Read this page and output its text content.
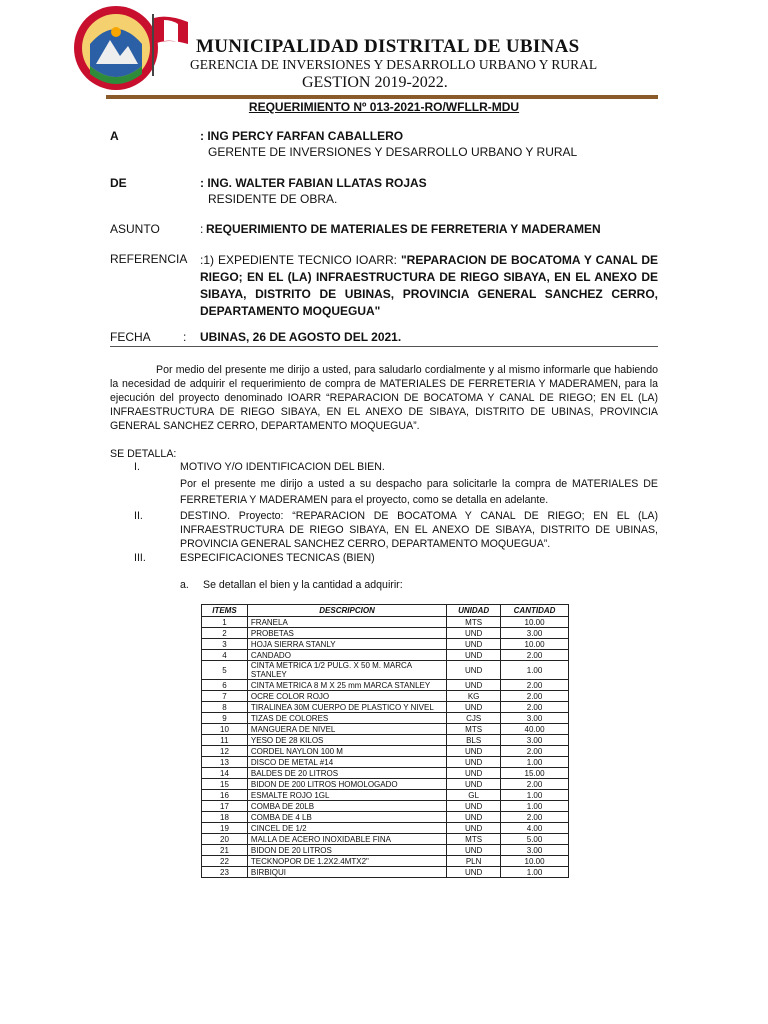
MUNICIPALIDAD DISTRITAL DE UBINAS
GERENCIA DE INVERSIONES Y DESARROLLO URBANO Y RURAL
GESTION 2019-2022.
REQUERIMIENTO Nº 013-2021-RO/WFLLR-MDU
A	: ING PERCY FARFAN CABALLERO
GERENTE DE INVERSIONES Y DESARROLLO URBANO Y RURAL
DE	: ING. WALTER FABIAN LLATAS ROJAS
RESIDENTE DE OBRA.
ASUNTO	: REQUERIMIENTO DE MATERIALES DE FERRETERIA Y MADERAMEN
REFERENCIA :1) EXPEDIENTE TECNICO IOARR: "REPARACION DE BOCATOMA Y CANAL DE RIEGO; EN EL (LA) INFRAESTRUCTURA DE RIEGO SIBAYA, EN EL ANEXO DE SIBAYA, DISTRITO DE UBINAS, PROVINCIA GENERAL SANCHEZ CERRO, DEPARTAMENTO MOQUEGUA"
FECHA	: UBINAS, 26 DE AGOSTO DEL 2021.
Por medio del presente me dirijo a usted, para saludarlo cordialmente y al mismo informarle que habiendo la necesidad de adquirir el requerimiento de compra de MATERIALES DE FERRETERIA Y MADERAMEN, para la ejecución del proyecto denominado IOARR “REPARACION DE BOCATOMA Y CANAL DE RIEGO; EN EL (LA) INFRAESTRUCTURA DE RIEGO SIBAYA, EN EL ANEXO DE SIBAYA, DISTRITO DE UBINAS, PROVINCIA GENERAL SANCHEZ CERRO, DEPARTAMENTO MOQUEGUA”.
SE DETALLA:
I.	MOTIVO Y/O IDENTIFICACION DEL BIEN.
Por el presente me dirijo a usted a su despacho para solicitarle la compra de MATERIALES DE FERRETERIA Y MADERAMEN para el proyecto, como se detalla en adelante.
II.	DESTINO. Proyecto: “REPARACION DE BOCATOMA Y CANAL DE RIEGO; EN EL (LA) INFRAESTRUCTURA DE RIEGO SIBAYA, EN EL ANEXO DE SIBAYA, DISTRITO DE UBINAS, PROVINCIA GENERAL SANCHEZ CERRO, DEPARTAMENTO MOQUEGUA”.
III.	ESPECIFICACIONES TECNICAS (BIEN)
a. Se detallan el bien y la cantidad a adquirir:
ITEMS	DESCRIPCION	UNIDAD	CANTIDAD
1	FRANELA	MTS	10.00
2	PROBETAS	UND	3.00
3	HOJA SIERRA STANLY	UND	10.00
4	CANDADO	UND	2.00
5	CINTA METRICA 1/2 PULG. X 50 M. MARCA STANLEY	UND	1.00
6	CINTA METRICA 8 M X 25 mm MARCA STANLEY	UND	2.00
7	OCRE COLOR ROJO	KG	2.00
8	TIRALINEA 30M CUERPO DE PLASTICO Y NIVEL	UND	2.00
9	TIZAS DE COLORES	CJS	3.00
10	MANGUERA DE NIVEL	MTS	40.00
11	YESO DE 28 KILOS	BLS	3.00
12	CORDEL NAYLON 100 M	UND	2.00
13	DISCO DE METAL #14	UND	1.00
14	BALDES DE 20 LITROS	UND	15.00
15	BIDON DE 200 LITROS HOMOLOGADO	UND	2.00
16	ESMALTE ROJO 1GL	GL	1.00
17	COMBA DE 20LB	UND	1.00
18	COMBA DE 4 LB	UND	2.00
19	CINCEL DE 1/2	UND	4.00
20	MALLA DE ACERO INOXIDABLE FINA	MTS	5.00
21	BIDON DE 20 LITROS	UND	3.00
22	TECKNOPOR DE 1.2X2.4MTX2"	PLN	10.00
23	BIRBIQUI	UND	1.00
